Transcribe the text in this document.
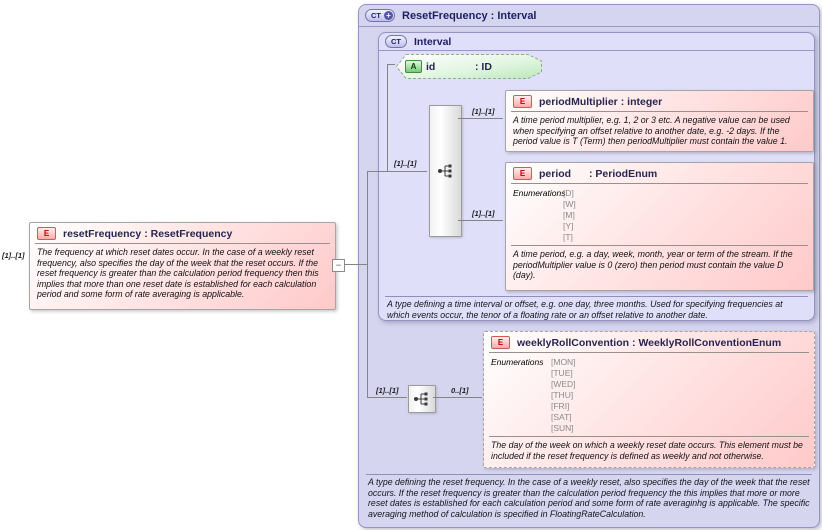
[1]..[1]
E	resetFrequency : ResetFrequency
The frequency at which reset dates occur. In the case of a weekly reset frequency, also specifies the day of the week that the reset occurs. If the reset frequency is greater than the calculation period frequency then this implies that more than one reset date is established for each calculation period and some form of rate averaging is applicable.
−
CT + ResetFrequency : Interval
CT	Interval
A id	: ID
E	periodMultiplier : integer
A time period multiplier, e.g. 1, 2 or 3 etc. A negative value can be used when specifying an offset relative to another date, e.g. -2 days. If the period value is T (Term) then periodMultiplier must contain the value 1.
E	period	: PeriodEnum
Enumerations
[D]
[W]
[M]
[Y]
[T]
A time period, e.g. a day, week, month, year or term of the stream. If the periodMultiplier value is 0 (zero) then period must contain the value D (day).
A type defining a time interval or offset, e.g. one day, three months. Used for specifying frequencies at which events occur, the tenor of a floating rate or an offset relative to another date.
E	weeklyRollConvention : WeeklyRollConventionEnum
Enumerations [MON]
[TUE]
[WED]
[THU]
[FRI]
[SAT]
[SUN]
The day of the week on which a weekly reset date occurs. This element must be included if the reset frequency is defined as weekly and not otherwise.
A type defining the reset frequency. In the case of a weekly reset, also specifies the day of the week that the reset occurs. If the reset frequency is greater than the calculation period frequency the this implies that more or more reset dates is established for each calculation period and some form of rate averaginhg is applicable. The specific averaging method of calculation is specified in FloatingRateCalculation.
[1]..[1]
[1]..[1]
[1]..[1]
[1]..[1]	0..[1]
